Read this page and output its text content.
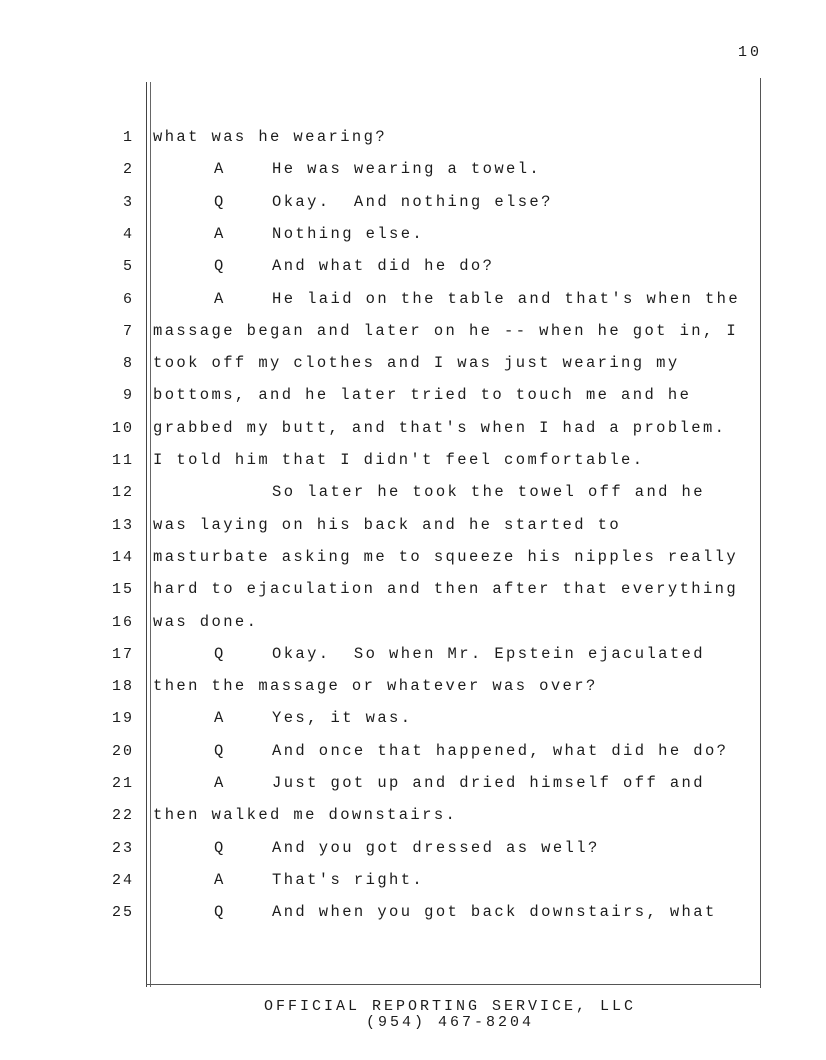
10
1 what was he wearing?
2	A	He was wearing a towel.
3	Q	Okay.  And nothing else?
4	A	Nothing else.
5	Q	And what did he do?
6	A	He laid on the table and that's when the
7 massage began and later on he -- when he got in, I
8 took off my clothes and I was just wearing my
9 bottoms, and he later tried to touch me and he
10 grabbed my butt, and that's when I had a problem.
11 I told him that I didn't feel comfortable.
12	So later he took the towel off and he
13 was laying on his back and he started to
14 masturbate asking me to squeeze his nipples really
15 hard to ejaculation and then after that everything
16 was done.
17	Q	Okay.  So when Mr. Epstein ejaculated
18 then the massage or whatever was over?
19	A	Yes, it was.
20	Q	And once that happened, what did he do?
21	A	Just got up and dried himself off and
22 then walked me downstairs.
23	Q	And you got dressed as well?
24	A	That's right.
25	Q	And when you got back downstairs, what
OFFICIAL REPORTING SERVICE, LLC
(954) 467-8204
